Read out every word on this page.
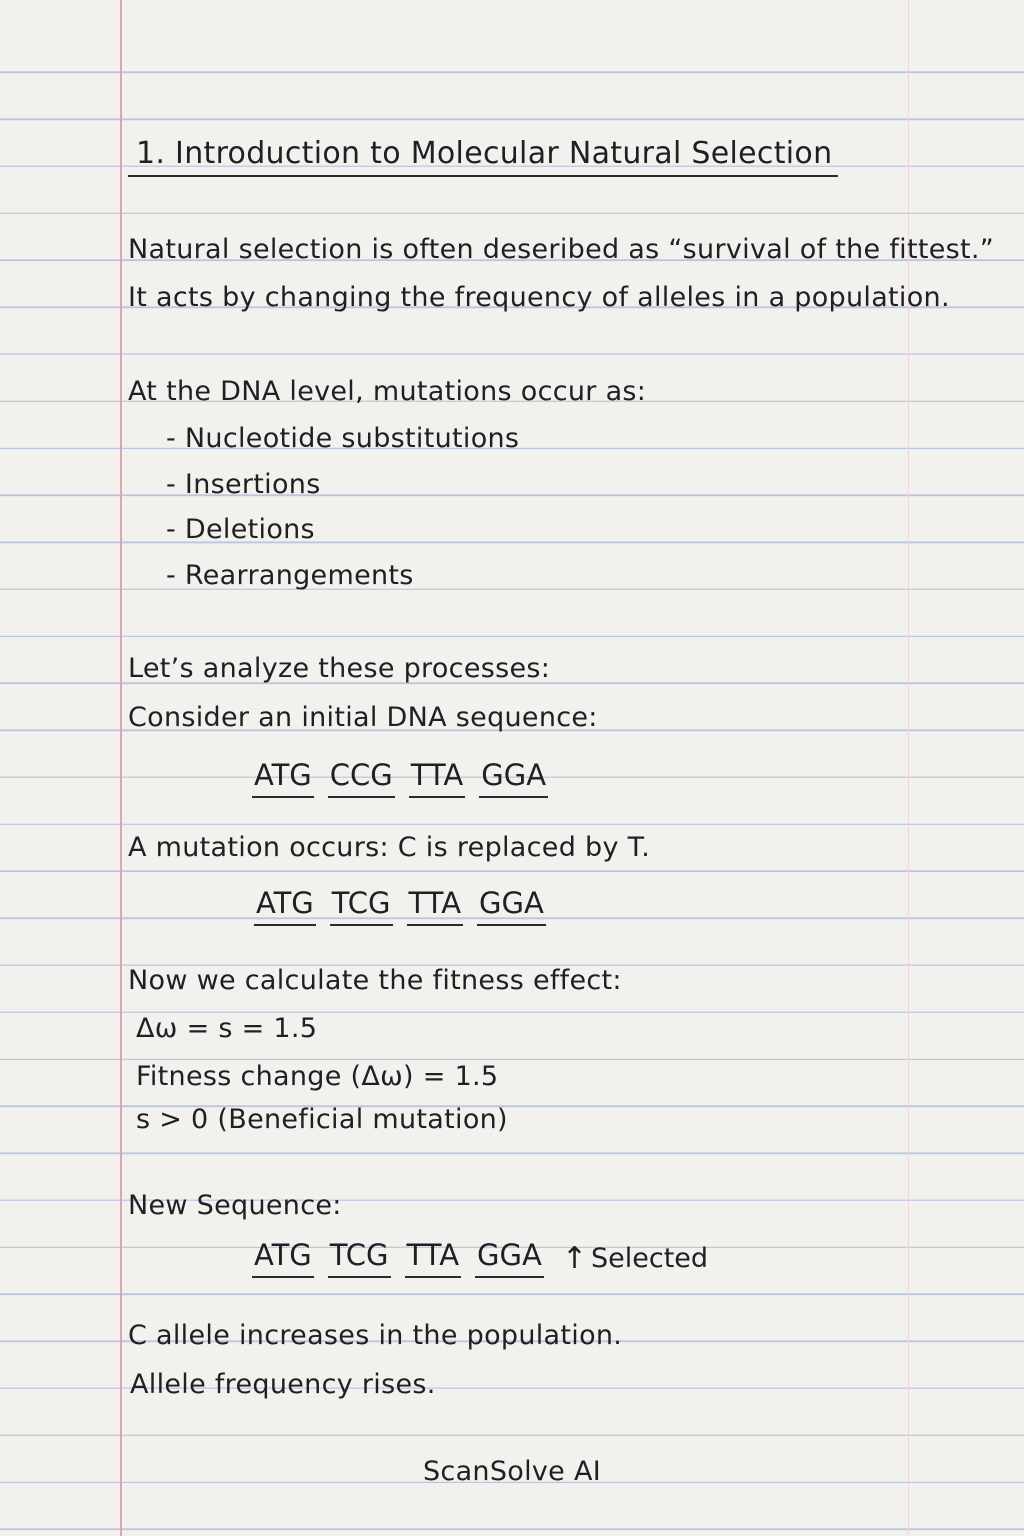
1. Introduction to Molecular Natural Selection
Natural selection is often deseribed as “survival of the fittest.”
It acts by changing the frequency of alleles in a population.
At the DNA level, mutations occur as:
- Nucleotide substitutions
- Insertions
- Deletions
- Rearrangements
Let’s analyze these processes:
Consider an initial DNA sequence:
ATG CCG TTA GGA
A mutation occurs: C is replaced by T.
ATG TCG TTA GGA
Now we calculate the fitness effect:
Δω = s = 1.5
Fitness change (Δω) = 1.5
s > 0 (Beneficial mutation)
New Sequence:
ATG TCG TTA GGA ↑ Selected
C allele increases in the population.
Allele frequency rises.
ScanSolve AI
